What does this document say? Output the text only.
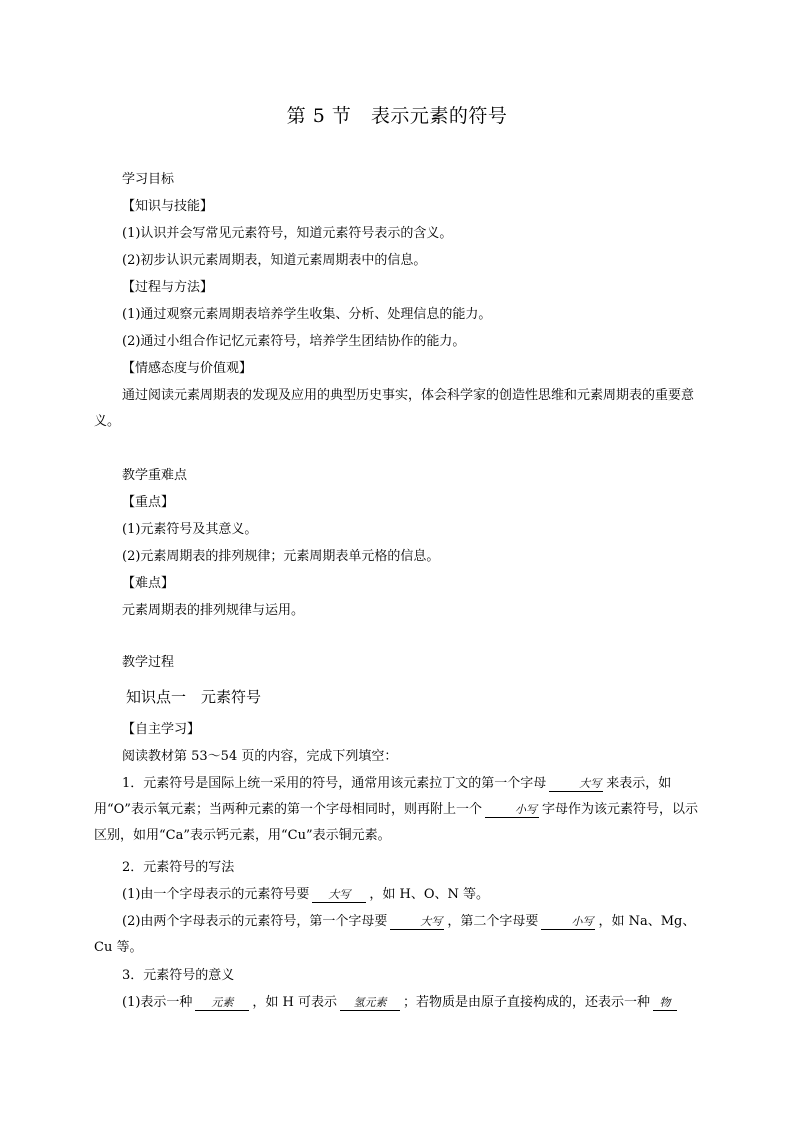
第 5 节　表示元素的符号
学习目标
【知识与技能】
(1)认识并会写常见元素符号，知道元素符号表示的含义。
(2)初步认识元素周期表，知道元素周期表中的信息。
【过程与方法】
(1)通过观察元素周期表培养学生收集、分析、处理信息的能力。
(2)通过小组合作记忆元素符号，培养学生团结协作的能力。
【情感态度与价值观】
通过阅读元素周期表的发现及应用的典型历史事实，体会科学家的创造性思维和元素周期表的重要意义。
教学重难点
【重点】
(1)元素符号及其意义。
(2)元素周期表的排列规律；元素周期表单元格的信息。
【难点】
元素周期表的排列规律与运用。
教学过程
知识点一　元素符号
【自主学习】
阅读教材第 53～54 页的内容，完成下列填空：
1．元素符号是国际上统一采用的符号，通常用该元素拉丁文的第一个字母	大写 来表示，如用“O”表示氧元素；当两种元素的第一个字母相同时，则再附上一个	小写 字母作为该元素符号，以示区别，如用“Ca”表示钙元素，用“Cu”表示铜元素。
2．元素符号的写法
(1)由一个字母表示的元素符号要 大写 ，如 H、O、N 等。
(2)由两个字母表示的元素符号，第一个字母要	大写 ，第二个字母要	小写 ，如 Na、Mg、Cu 等。
3．元素符号的意义
(1)表示一种 元素 ，如 H 可表示 氢元素 ；若物质是由原子直接构成的，还表示一种 物
